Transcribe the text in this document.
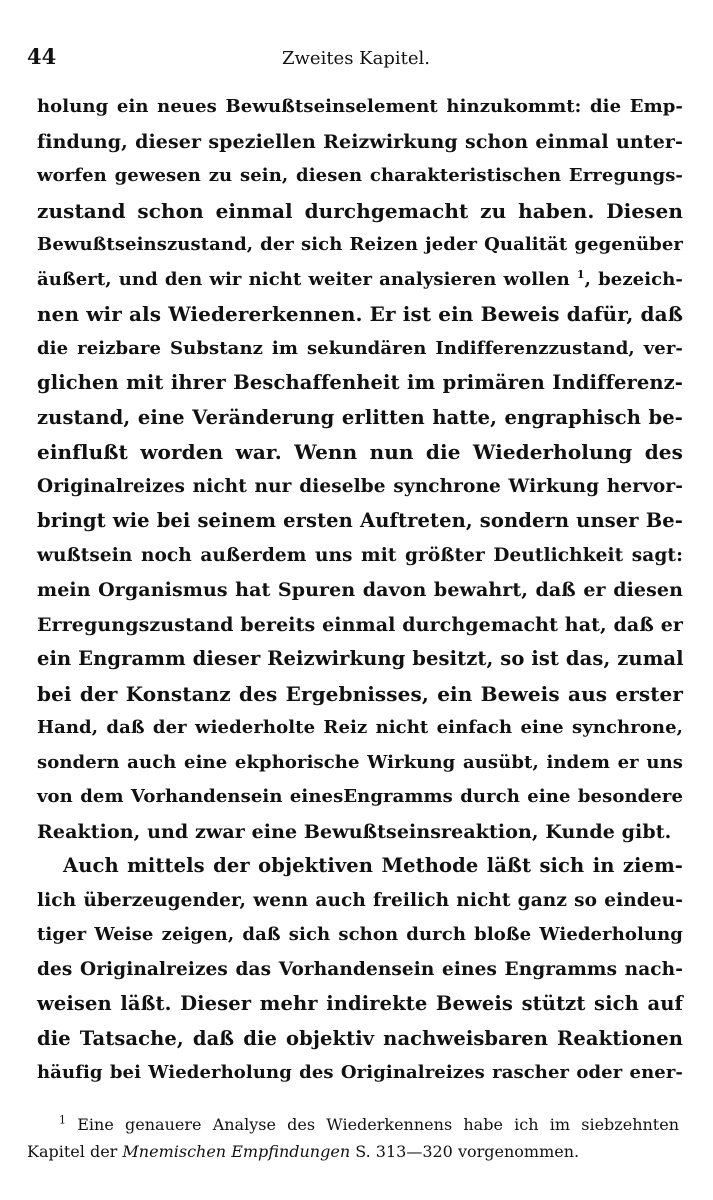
44	Zweites Kapitel.
holung ein neues Bewußtseinselement hinzukommt: die Emp-
findung, dieser speziellen Reizwirkung schon einmal unter-
worfen gewesen zu sein, diesen charakteristischen Erregungs-
zustand schon einmal durchgemacht zu haben. Diesen
Bewußtseinszustand, der sich Reizen jeder Qualität gegenüber
äußert, und den wir nicht weiter analysieren wollen $^1$, bezeich-
nen wir als Wiedererkennen. Er ist ein Beweis dafür, daß
die reizbare Substanz im sekundären Indifferenzzustand, ver-
glichen mit ihrer Beschaffenheit im primären Indifferenz-
zustand, eine Veränderung erlitten hatte, engraphisch be-
einflußt worden war. Wenn nun die Wiederholung des
Originalreizes nicht nur dieselbe synchrone Wirkung hervor-
bringt wie bei seinem ersten Auftreten, sondern unser Be-
wußtsein noch außerdem uns mit größter Deutlichkeit sagt:
mein Organismus hat Spuren davon bewahrt, daß er diesen
Erregungszustand bereits einmal durchgemacht hat, daß er
ein Engramm dieser Reizwirkung besitzt, so ist das, zumal
bei der Konstanz des Ergebnisses, ein Beweis aus erster
Hand, daß der wiederholte Reiz nicht einfach eine synchrone,
sondern auch eine ekphorische Wirkung ausübt, indem er uns
von dem Vorhandensein einesEngramms durch eine besondere
Reaktion, und zwar eine Bewußtseinsreaktion, Kunde gibt.
Auch mittels der objektiven Methode läßt sich in ziem-
lich überzeugender, wenn auch freilich nicht ganz so eindeu-
tiger Weise zeigen, daß sich schon durch bloße Wiederholung
des Originalreizes das Vorhandensein eines Engramms nach-
weisen läßt. Dieser mehr indirekte Beweis stützt sich auf
die Tatsache, daß die objektiv nachweisbaren Reaktionen
häufig bei Wiederholung des Originalreizes rascher oder ener-
$^1$ Eine genauere Analyse des Wiederkennens habe ich im siebzehnten
Kapitel der Mnemischen Empfindungen S. 313—320 vorgenommen.
